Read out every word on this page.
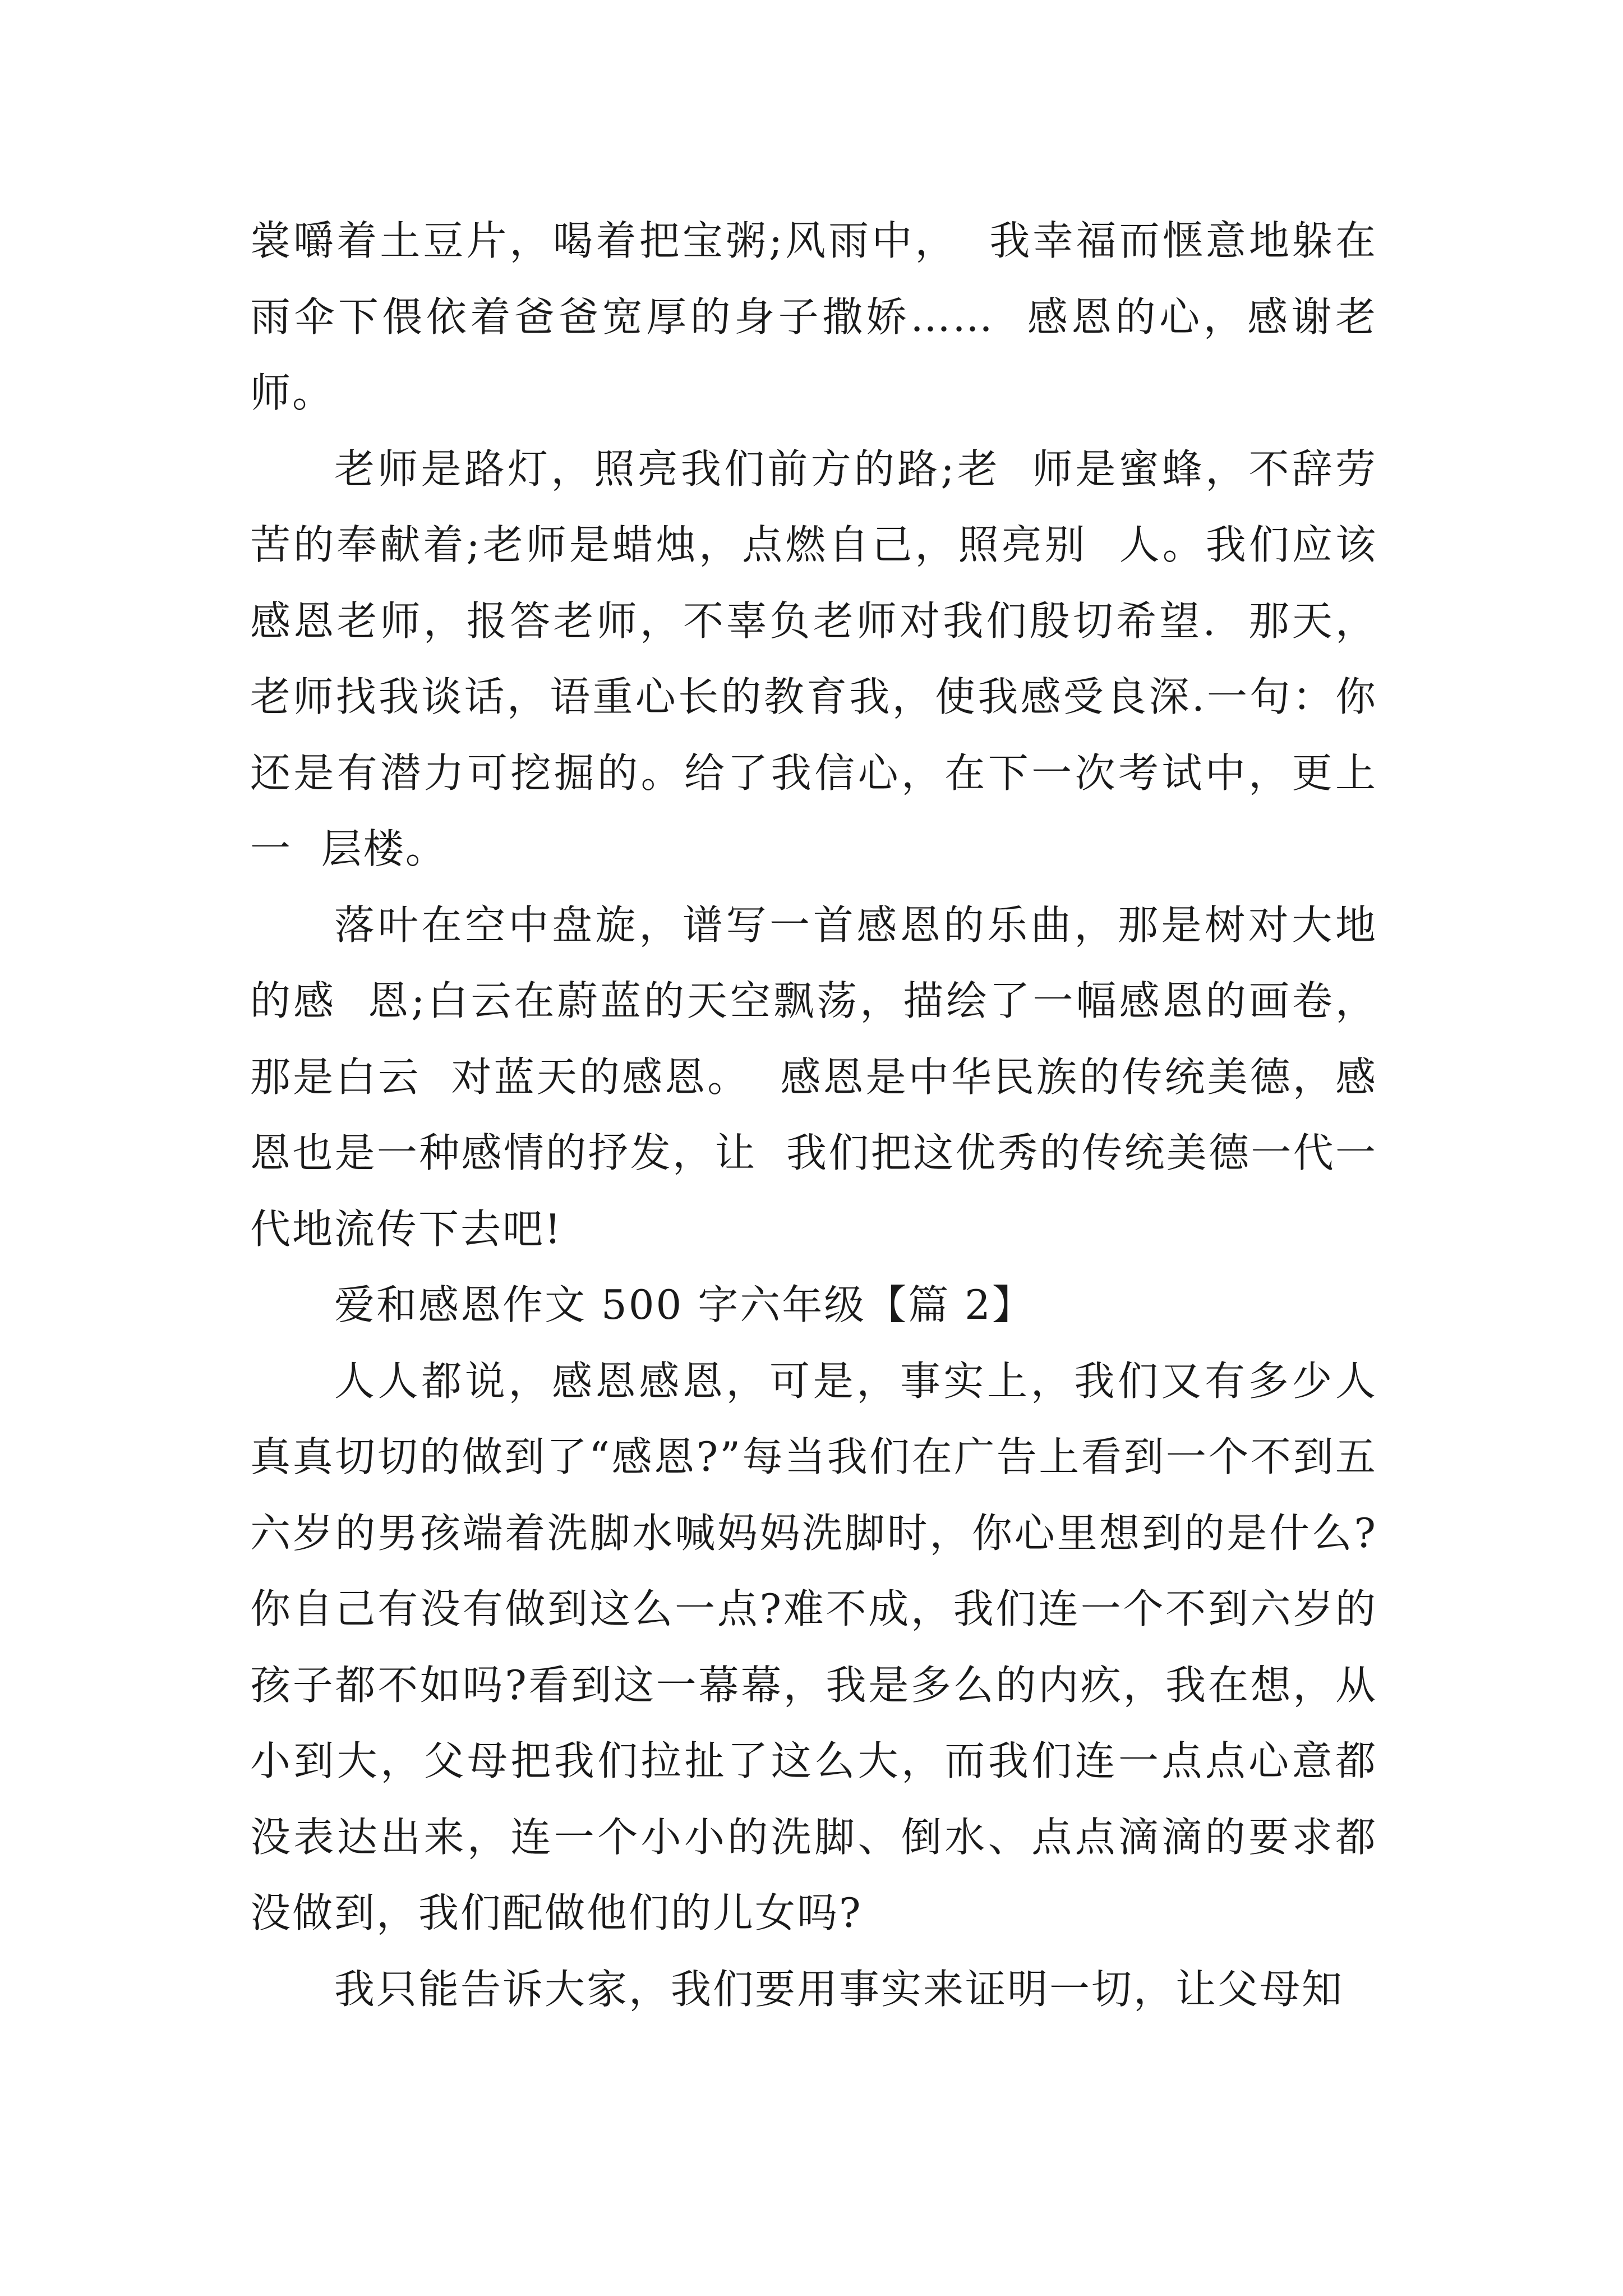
裳嚼着土豆片，喝着把宝粥;风雨中，  我幸福而惬意地躲在雨伞下偎依着爸爸宽厚的身子撒娇……  感恩的心，感谢老师。

老师是路灯，照亮我们前方的路;老  师是蜜蜂，不辞劳苦的奉献着;老师是蜡烛，点燃自己，照亮别  人。我们应该感恩老师，报答老师，不辜负老师对我们殷切希望.  那天，老师找我谈话，语重心长的教育我，使我感受良深.一句：你还是有潜力可挖掘的。给了我信心，在下一次考试中，更上一  层楼。

落叶在空中盘旋，谱写一首感恩的乐曲，那是树对大地的感  恩;白云在蔚蓝的天空飘荡，描绘了一幅感恩的画卷，那是白云  对蓝天的感恩。  感恩是中华民族的传统美德，感恩也是一种感情的抒发，让  我们把这优秀的传统美德一代一代地流传下去吧!

爱和感恩作文 500 字六年级【篇 2】

人人都说，感恩感恩，可是，事实上，我们又有多少人真真切切的做到了“感恩?”每当我们在广告上看到一个不到五六岁的男孩端着洗脚水喊妈妈洗脚时，你心里想到的是什么?你自己有没有做到这么一点?难不成，我们连一个不到六岁的孩子都不如吗?看到这一幕幕，我是多么的内疚，我在想，从小到大，父母把我们拉扯了这么大，而我们连一点点心意都没表达出来，连一个小小的洗脚、倒水、点点滴滴的要求都没做到，我们配做他们的儿女吗?

我只能告诉大家，我们要用事实来证明一切，让父母知
